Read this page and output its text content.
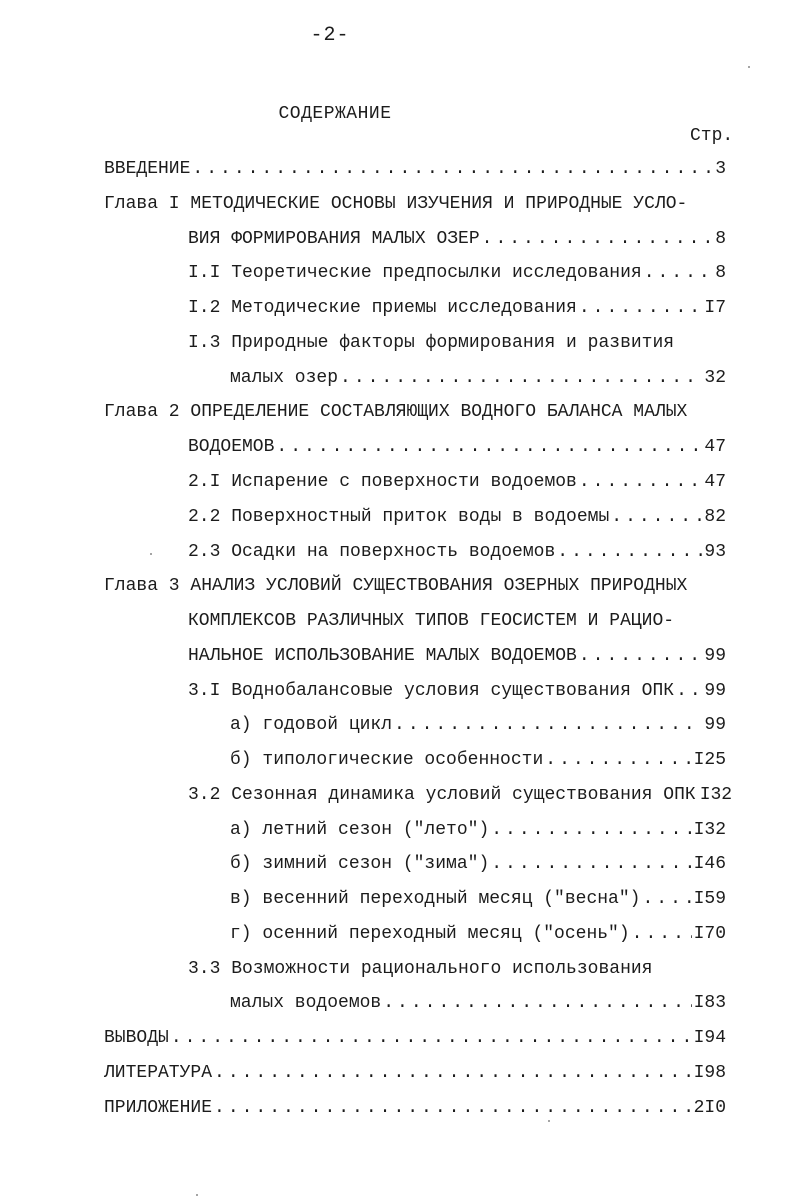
-2-
СОДЕРЖАНИЕ
Стр.
ВВЕДЕНИЕ .....	3
Глава I МЕТОДИЧЕСКИЕ ОСНОВЫ ИЗУЧЕНИЯ И ПРИРОДНЫЕ УСЛО-
ВИЯ ФОРМИРОВАНИЯ МАЛЫХ ОЗЕР .....	8
I.I Теоретические предпосылки исследования .....	8
I.2 Методические приемы исследования .....	I7
I.3 Природные факторы формирования и развития
малых озер .....	32
Глава 2 ОПРЕДЕЛЕНИЕ СОСТАВЛЯЮЩИХ ВОДНОГО БАЛАНСА МАЛЫХ
ВОДОЕМОВ .....	47
2.I Испарение с поверхности водоемов .....	47
2.2 Поверхностный приток воды в водоемы .....	82
2.3 Осадки на поверхность водоемов .....	93
Глава 3 АНАЛИЗ УСЛОВИЙ СУЩЕСТВОВАНИЯ ОЗЕРНЫХ ПРИРОДНЫХ
КОМПЛЕКСОВ РАЗЛИЧНЫХ ТИПОВ ГЕОСИСТЕМ И РАЦИО-
НАЛЬНОЕ ИСПОЛЬЗОВАНИЕ МАЛЫХ ВОДОЕМОВ .....	99
3.I Воднобалансовые условия существования ОПК ..... 99
а) годовой цикл .....	99
б) типологические особенности .....	I25
3.2 Сезонная динамика условий существования ОПК I32
а) летний сезон ("лето") .....	I32
б) зимний сезон ("зима") .....	I46
в) весенний переходный месяц ("весна") .....	I59
г) осенний переходный месяц ("осень") .....	I70
3.3 Возможности рационального использования
малых водоемов .....	I83
ВЫВОДЫ .....	I94
ЛИТЕРАТУРА .....	I98
ПРИЛОЖЕНИЕ .....	2I0
